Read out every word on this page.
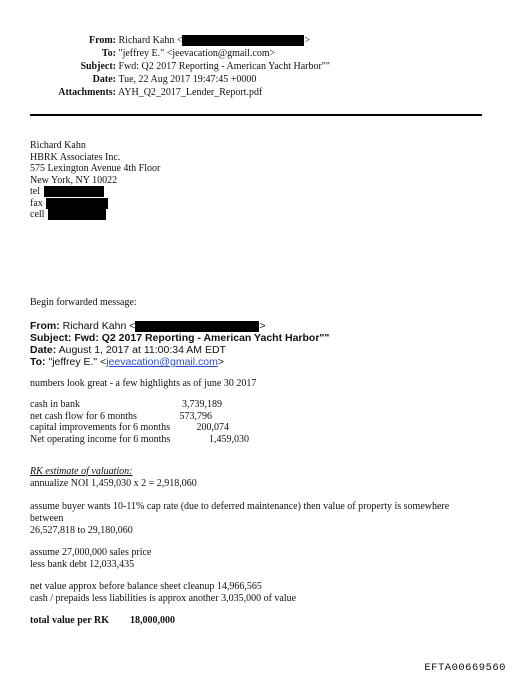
From: Richard Kahn <	>
To: "jeffrey E." <jeevacation@gmail.com>
Subject: Fwd: Q2 2017 Reporting - American Yacht Harbor""
Date: Tue, 22 Aug 2017 19:47:45 +0000
Attachments: AYH_Q2_2017_Lender_Report.pdf
Richard Kahn
HBRK Associates Inc.
575 Lexington Avenue 4th Floor
New York, NY 10022
tel
fax
cell
Begin forwarded message:
From: Richard Kahn <	>
Subject: Fwd: Q2 2017 Reporting - American Yacht Harbor""
Date: August 1, 2017 at 11:00:34 AM EDT
To: "jeffrey E." <jeevacation@gmail.com>
numbers look great - a few highlights as of june 30 2017
cash in bank	3,739,189
net cash flow for 6 months	573,796
capital improvements for 6 months	200,074
Net operating income for 6 months	1,459,030
RK estimate of valuation:
annualize NOI 1,459,030 x 2 = 2,918,060
assume buyer wants 10-11% cap rate (due to deferred maintenance) then value of property is somewhere
between
26,527,818 to 29,180,060
assume 27,000,000 sales price
less bank debt 12,033,435
net value approx before balance sheet cleanup 14,966,565
cash / prepaids less liabilities is approx another 3,035,000 of value
total value per RK 18,000,000
EFTA00669560
